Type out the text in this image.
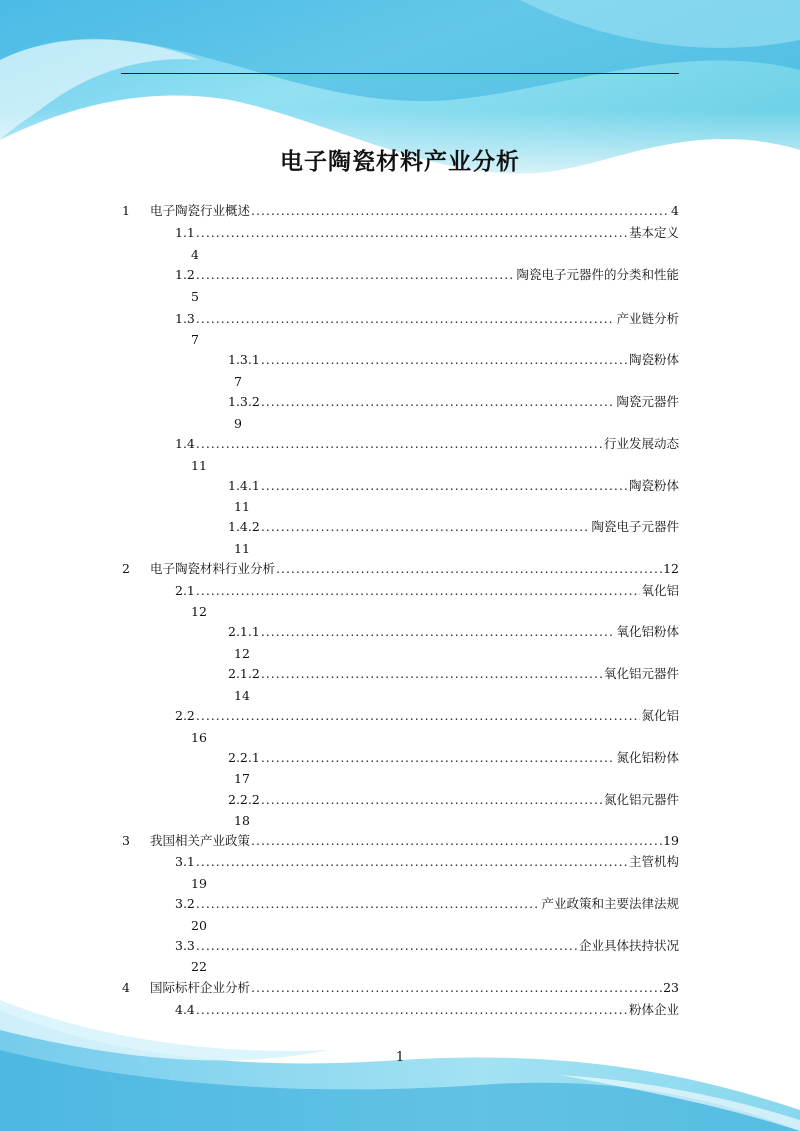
电子陶瓷材料产业分析
1	电子陶瓷行业概述 .....	4
1.1 .....	基本定义
4
1.2 .....	陶瓷电子元器件的分类和性能
5
1.3 .....	产业链分析
7
1.3.1 .....	陶瓷粉体
7
1.3.2 .....	陶瓷元器件
9
1.4 .....	行业发展动态
11
1.4.1 .....	陶瓷粉体
11
1.4.2 .....	陶瓷电子元器件
11
2	电子陶瓷材料行业分析 .....	12
2.1 .....	氧化铝
12
2.1.1 .....	氧化铝粉体
12
2.1.2 .....	氧化铝元器件
14
2.2 .....	氮化铝
16
2.2.1 .....	氮化铝粉体
17
2.2.2 .....	氮化铝元器件
18
3	我国相关产业政策 .....	19
3.1 .....	主管机构
19
3.2 .....	产业政策和主要法律法规
20
3.3 .....	企业具体扶持状况
22
4	国际标杆企业分析 .....	23
4.4 .....	粉体企业
1
